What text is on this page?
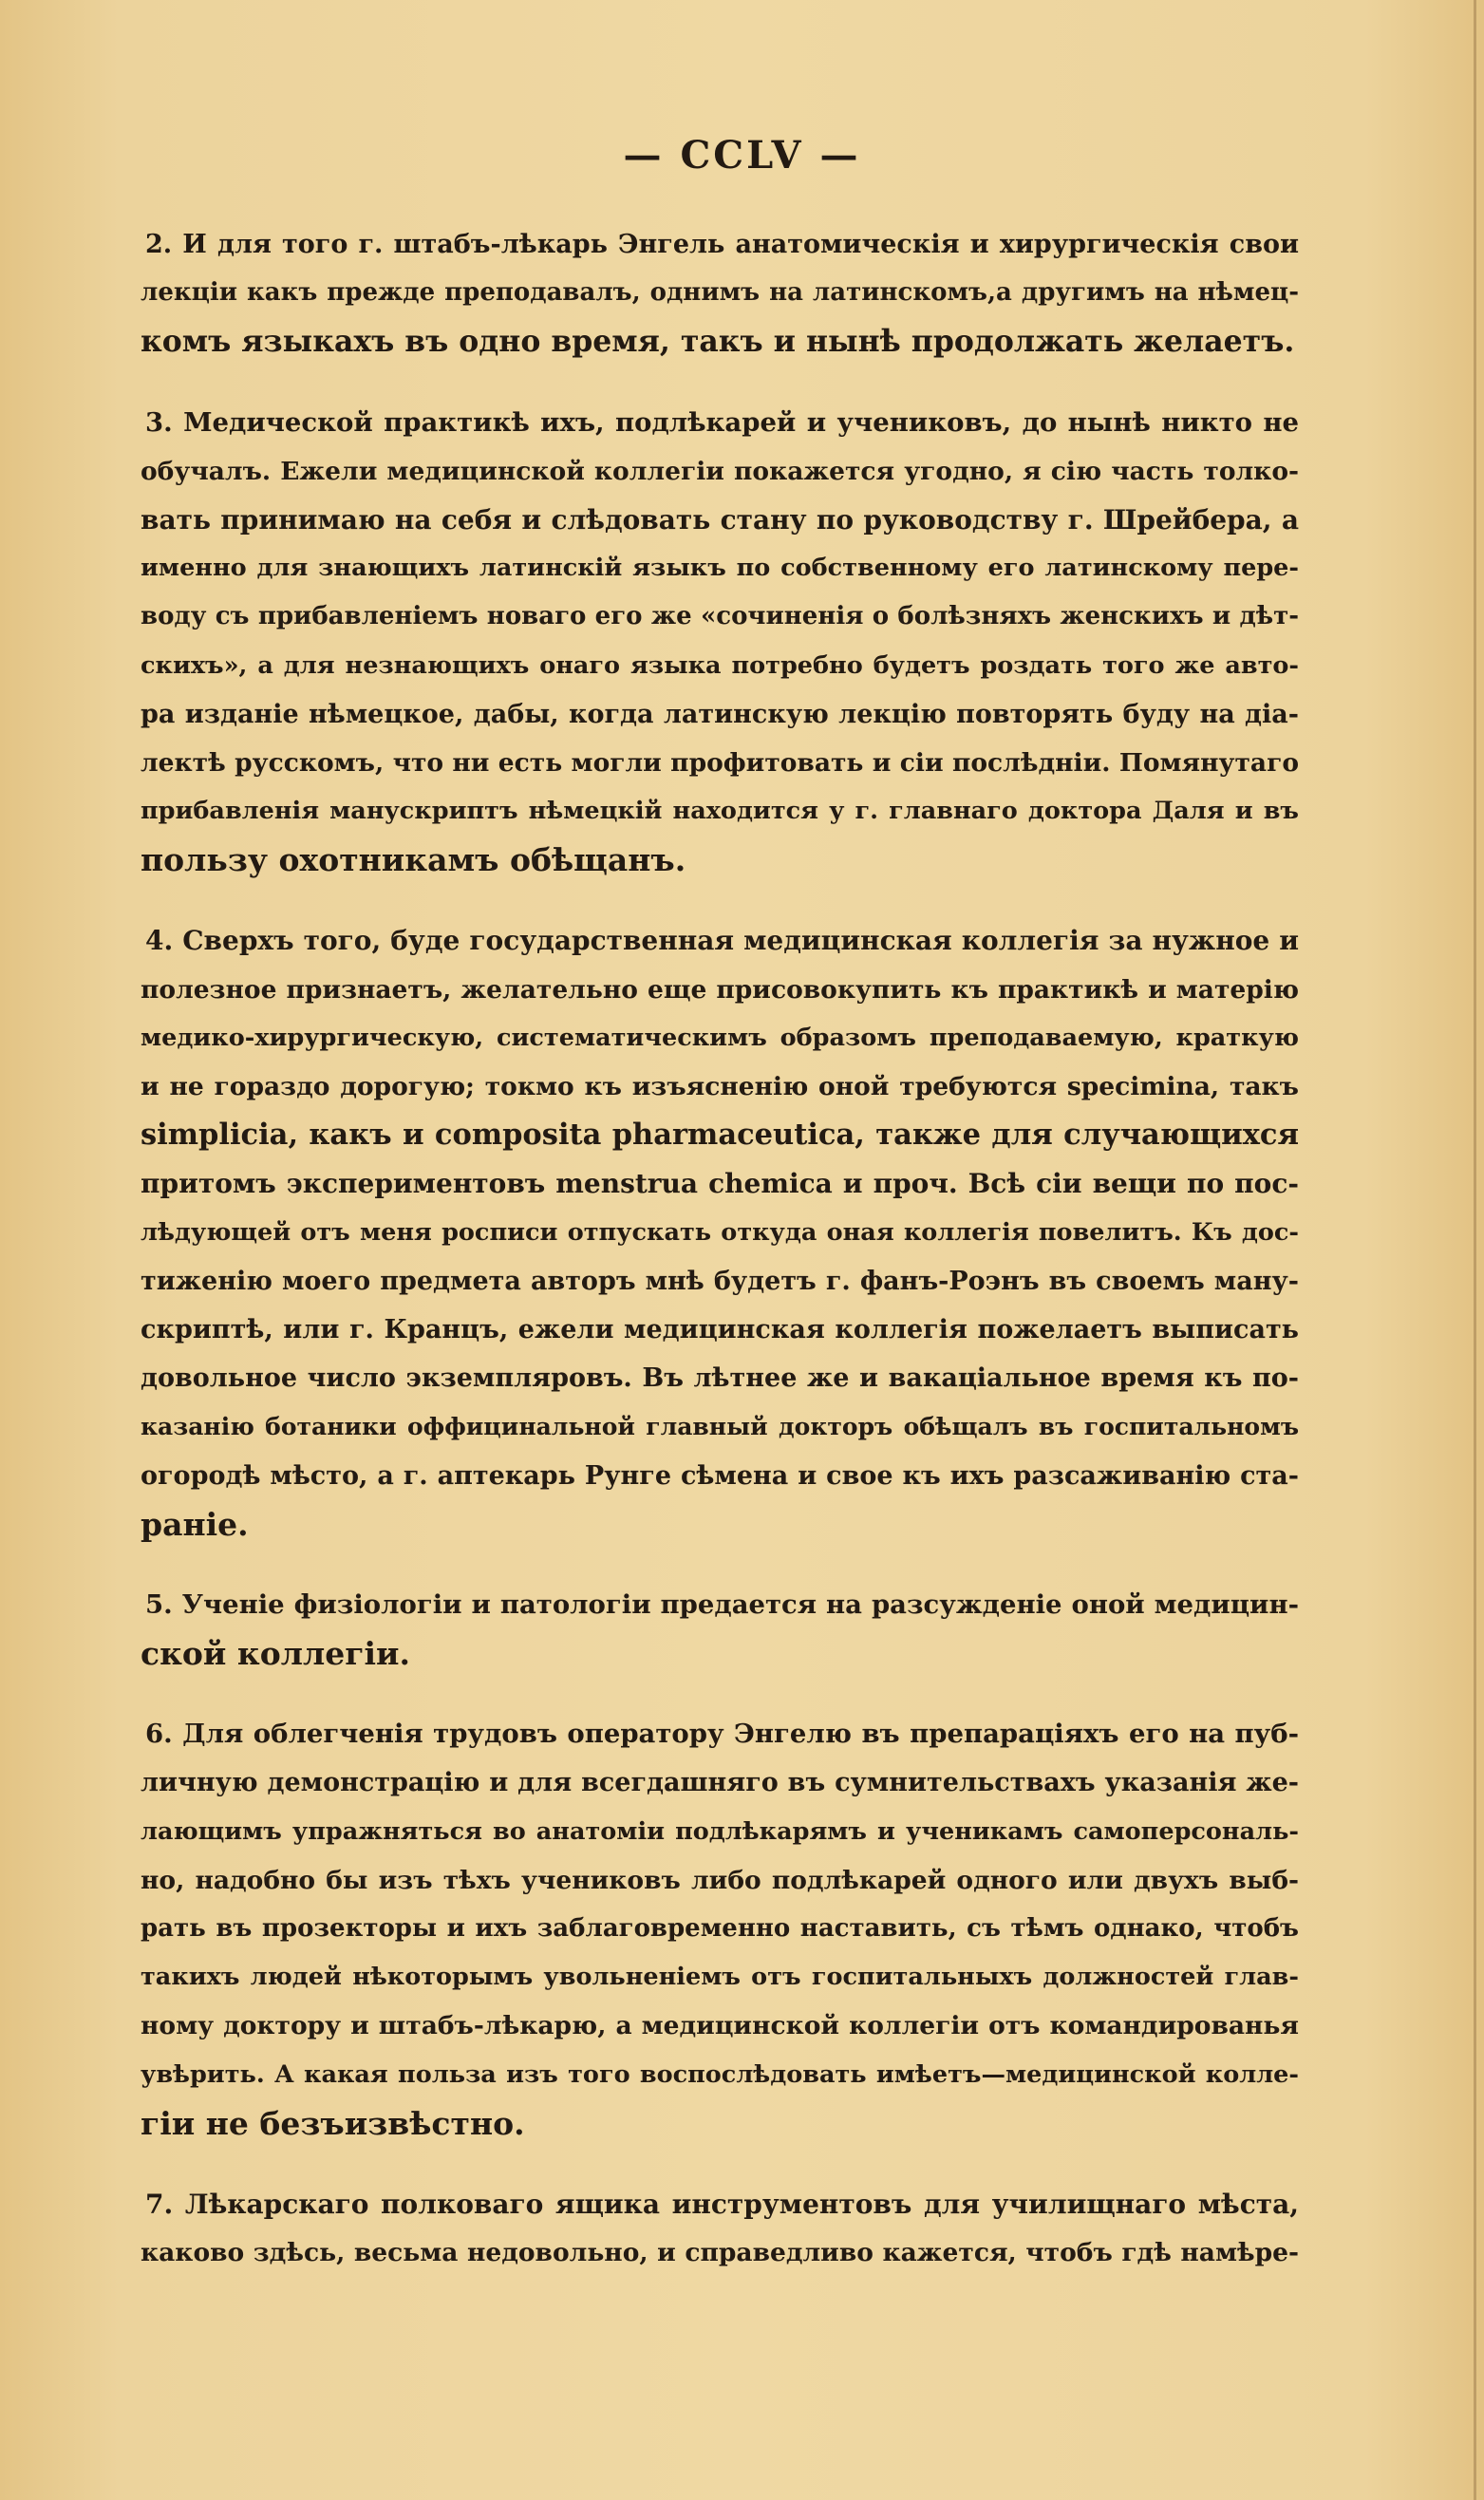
— CCLV —
2. И для того г. штабъ-лѣкарь Энгель анатомическія и хирургическія свои
лекціи какъ прежде преподавалъ, однимъ на латинскомъ,а другимъ на нѣмец-
комъ языкахъ въ одно время, такъ и нынѣ продолжать желаетъ.
3. Медической практикѣ ихъ, подлѣкарей и учениковъ, до нынѣ никто не
обучалъ. Ежели медицинской коллегіи покажется угодно, я сію часть толко-
вать принимаю на себя и слѣдовать стану по руководству г. Шрейбера, а
именно для знающихъ латинскій языкъ по собственному его латинскому пере-
воду съ прибавленіемъ новаго его же «сочиненія о болѣзняхъ женскихъ и дѣт-
скихъ», а для незнающихъ онаго языка потребно будетъ роздать того же авто-
ра изданіе нѣмецкое, дабы, когда латинскую лекцію повторять буду на діа-
лектѣ русскомъ, что ни есть могли профитовать и сіи послѣдніи. Помянутаго
прибавленія манускриптъ нѣмецкій находится у г. главнаго доктора Даля и въ
пользу охотникамъ обѣщанъ.
4. Сверхъ того, буде государственная медицинская коллегія за нужное и
полезное признаетъ, желательно еще присовокупить къ практикѣ и матерію
медико-хирургическую, систематическимъ образомъ преподаваемую, краткую
и не гораздо дорогую; токмо къ изъясненію оной требуются specimina, такъ
simplicia, какъ и composita pharmaceutica, также для случающихся
притомъ экспериментовъ menstrua chemica и проч. Всѣ сіи вещи по пос-
лѣдующей отъ меня росписи отпускать откуда оная коллегія повелитъ. Къ дос-
тиженію моего предмета авторъ мнѣ будетъ г. фанъ-Роэнъ въ своемъ ману-
скриптѣ, или г. Кранцъ, ежели медицинская коллегія пожелаетъ выписать
довольное число экземпляровъ. Въ лѣтнее же и вакаціальное время къ по-
казанію ботаники оффицинальной главный докторъ обѣщалъ въ госпитальномъ
огородѣ мѣсто, а г. аптекарь Рунге сѣмена и свое къ ихъ разсаживанію ста-
раніе.
5. Ученіе физіологіи и патологіи предается на разсужденіе оной медицин-
ской коллегіи.
6. Для облегченія трудовъ оператору Энгелю въ препараціяхъ его на пуб-
личную демонстрацію и для всегдашняго въ сумнительствахъ указанія же-
лающимъ упражняться во анатоміи подлѣкарямъ и ученикамъ самоперсональ-
но, надобно бы изъ тѣхъ учениковъ либо подлѣкарей одного или двухъ выб-
рать въ прозекторы и ихъ заблаговременно наставить, съ тѣмъ однако, чтобъ
такихъ людей нѣкоторымъ увольненіемъ отъ госпитальныхъ должностей глав-
ному доктору и штабъ-лѣкарю, а медицинской коллегіи отъ командированья
увѣрить. А какая польза изъ того воспослѣдовать имѣетъ—медицинской колле-
гіи не безъизвѣстно.
7. Лѣкарскаго полковаго ящика инструментовъ для училищнаго мѣста,
каково здѣсь, весьма недовольно, и справедливо кажется, чтобъ гдѣ намѣре-
